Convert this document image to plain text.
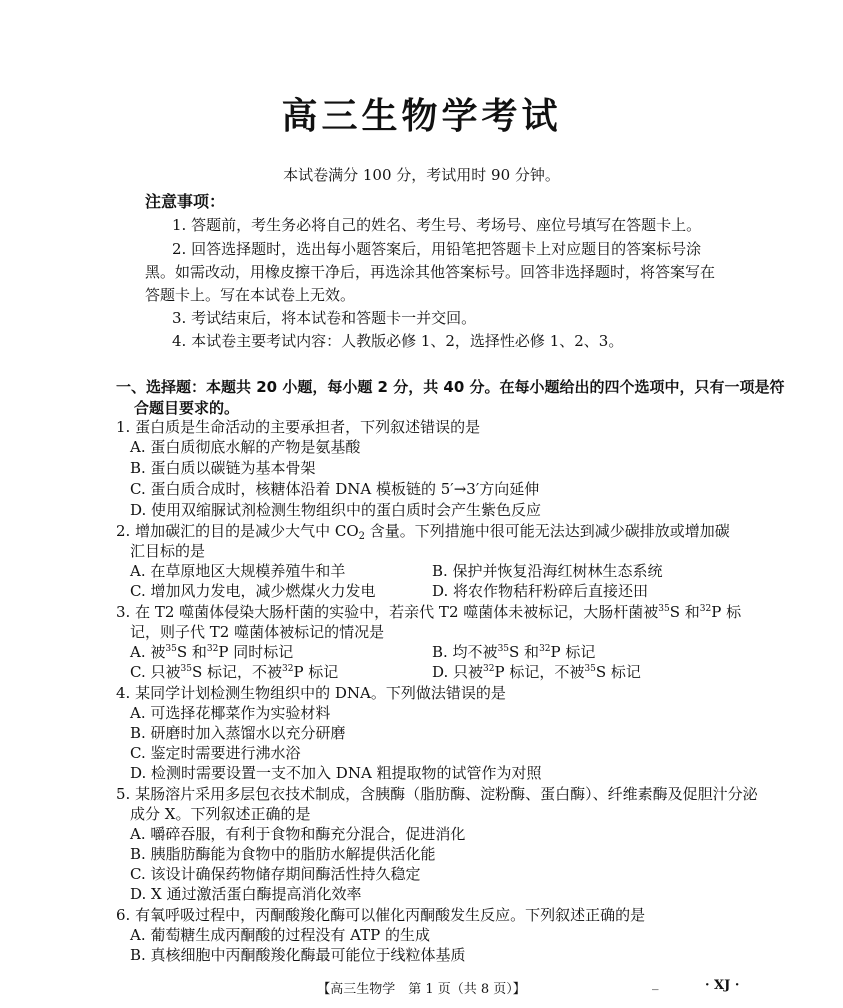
高三生物学考试
本试卷满分 100 分，考试用时 90 分钟。
注意事项：
1. 答题前，考生务必将自己的姓名、考生号、考场号、座位号填写在答题卡上。
2. 回答选择题时，选出每小题答案后，用铅笔把答题卡上对应题目的答案标号涂
黑。如需改动，用橡皮擦干净后，再选涂其他答案标号。回答非选择题时，将答案写在
答题卡上。写在本试卷上无效。
3. 考试结束后，将本试卷和答题卡一并交回。
4. 本试卷主要考试内容：人教版必修 1、2，选择性必修 1、2、3。
一、选择题：本题共 20 小题，每小题 2 分，共 40 分。在每小题给出的四个选项中，只有一项是符
合题目要求的。
1. 蛋白质是生命活动的主要承担者，下列叙述错误的是
A. 蛋白质彻底水解的产物是氨基酸
B. 蛋白质以碳链为基本骨架
C. 蛋白质合成时，核糖体沿着 DNA 模板链的 5′→3′方向延伸
D. 使用双缩脲试剂检测生物组织中的蛋白质时会产生紫色反应
2. 增加碳汇的目的是减少大气中 $CO_2$ 含量。下列措施中很可能无法达到减少碳排放或增加碳
汇目标的是
A. 在草原地区大规模养殖牛和羊	B. 保护并恢复沿海红树林生态系统
C. 增加风力发电，减少燃煤火力发电	D. 将农作物秸秆粉碎后直接还田
3. 在 T2 噬菌体侵染大肠杆菌的实验中，若亲代 T2 噬菌体未被标记，大肠杆菌被$^{35}$S 和$^{32}$P 标
记，则子代 T2 噬菌体被标记的情况是
A. 被$^{35}$S 和$^{32}$P 同时标记	B. 均不被$^{35}$S 和$^{32}$P 标记
C. 只被$^{35}$S 标记，不被$^{32}$P 标记	D. 只被$^{32}$P 标记，不被$^{35}$S 标记
4. 某同学计划检测生物组织中的 DNA。下列做法错误的是
A. 可选择花椰菜作为实验材料
B. 研磨时加入蒸馏水以充分研磨
C. 鉴定时需要进行沸水浴
D. 检测时需要设置一支不加入 DNA 粗提取物的试管作为对照
5. 某肠溶片采用多层包衣技术制成，含胰酶（脂肪酶、淀粉酶、蛋白酶）、纤维素酶及促胆汁分泌
成分 X。下列叙述正确的是
A. 嚼碎吞服，有利于食物和酶充分混合，促进消化
B. 胰脂肪酶能为食物中的脂肪水解提供活化能
C. 该设计确保药物储存期间酶活性持久稳定
D. X 通过激活蛋白酶提高消化效率
6. 有氧呼吸过程中，丙酮酸羧化酶可以催化丙酮酸发生反应。下列叙述正确的是
A. 葡萄糖生成丙酮酸的过程没有 ATP 的生成
B. 真核细胞中丙酮酸羧化酶最可能位于线粒体基质
【高三生物学　第 1 页（共 8 页）】	_	· XJ ·
